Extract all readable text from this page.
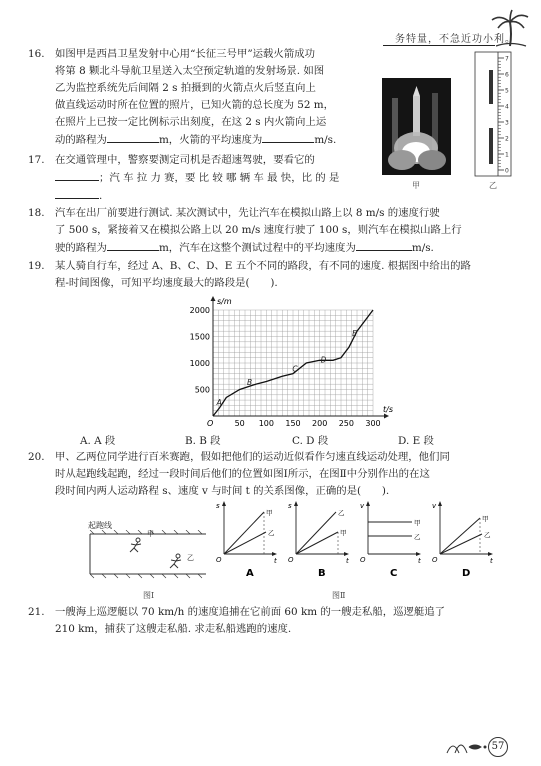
务特量，不急近功小利。
16. 如图甲是西昌卫星发射中心用“长征三号甲”运载火箭成功
将第 8 颗北斗导航卫星送入太空预定轨道的发射场景. 如图
乙为监控系统先后间隔 2 s 拍摄到的火箭点火后竖直向上
做直线运动时所在位置的照片，已知火箭的总长度为 52 m，
在照片上已按一定比例标示出刻度，在这 2 s 内火箭向上运
动的路程为	m，火箭的平均速度为	m/s.
甲
7
6
5
4
3
2
1
0
乙
17. 在交通管理中，警察要测定司机是否超速驾驶，要看它的
；汽 车 拉 力 赛，要 比 较 哪 辆 车 最 快，比 的 是
.
18. 汽车在出厂前要进行测试. 某次测试中，先让汽车在模拟山路上以 8 m/s 的速度行驶
了 500 s，紧接着又在模拟公路上以 20 m/s 速度行驶了 100 s，则汽车在模拟山路上行
驶的路程为	m，汽车在这整个测试过程中的平均速度为	m/s.
19. 某人骑自行车，经过 A、B、C、D、E 五个不同的路段，有不同的速度. 根据图中给出的路
程-时间图像，可知平均速度最大的路段是(　　).
s/m
t/s
O	50 100 150 200 250 300
500
1000
1500
2000
A
B
C
D
E
A. A 段	B. B 段	C. D 段	D. E 段
20. 甲、乙两位同学进行百米赛跑，假如把他们的运动近似看作匀速直线运动处理，他们同
时从起跑线起跑，经过一段时间后他们的位置如图Ⅰ所示，在图Ⅱ中分别作出的在这
段时间内两人运动路程 s、速度 v 与时间 t 的关系图像，正确的是(　　).
起跑线
甲
乙
图Ⅰ
s
t
O
A
甲
乙
s
t
O
B
甲
乙
v
t
O
C
甲
乙
v
t
O
D
甲
乙
图Ⅱ
21. 一艘海上巡逻艇以 70 km/h 的速度追捕在它前面 60 km 的一艘走私船，巡逻艇追了
210 km，捕获了这艘走私船. 求走私船逃跑的速度.
57
